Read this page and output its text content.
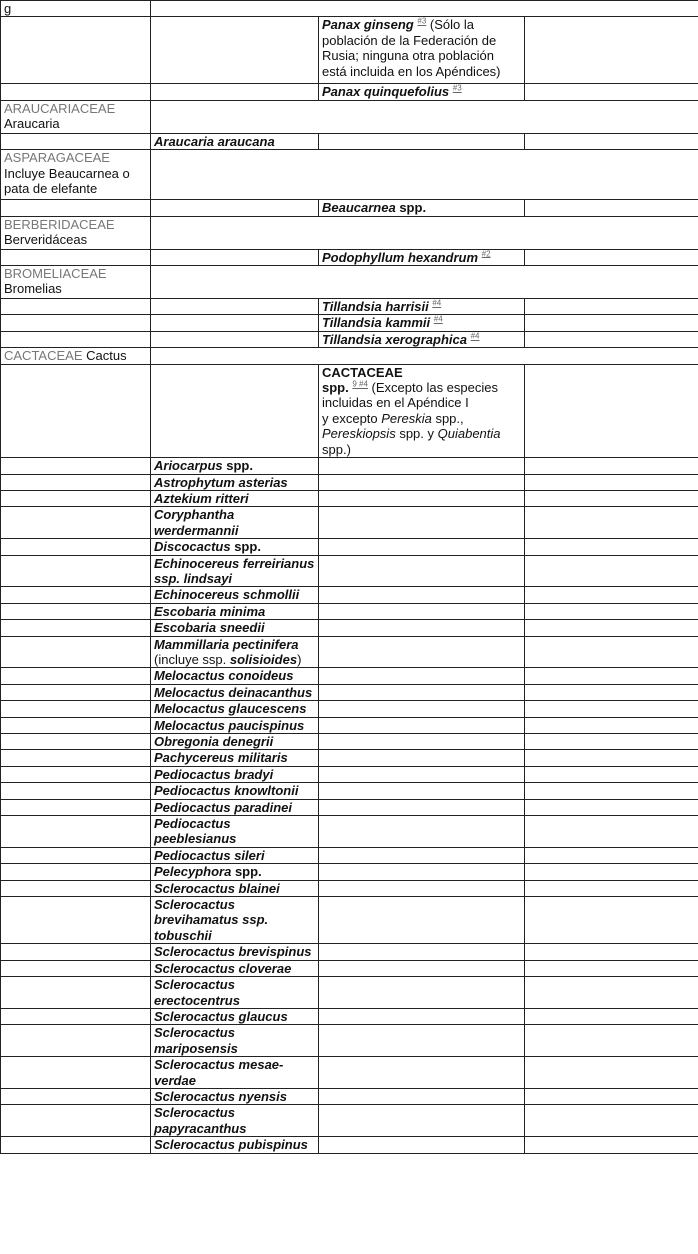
g			
		Panax ginseng $^{\#3}$ (Sólo la población de la Federación de Rusia; ninguna otra población está incluida en los Apéndices)	
		Panax quinquefolius $^{\#3}$	
ARAUCARIACEAE Araucaria			
	Araucaria araucana		
ASPARAGACEAE Incluye Beaucarnea o pata de elefante			
		Beaucarnea spp.	
BERBERIDACEAE Berveridáceas			
		Podophyllum hexandrum $^{\#2}$	
BROMELIACEAE Bromelias			
		Tillandsia harrisii $^{\#4}$	
		Tillandsia kammii $^{\#4}$	
		Tillandsia xerographica $^{\#4}$	
CACTACEAE Cactus			
		CACTACEAE
spp. $^{9 \#4}$ (Excepto las especies incluidas en el Apéndice I
y excepto Pereskia spp., Pereskiopsis spp. y Quiabentia spp.)	
	Ariocarpus spp.		
	Astrophytum asterias		
	Aztekium ritteri		
	Coryphantha werdermannii		
	Discocactus spp.		
	Echinocereus ferreirianus ssp. lindsayi		
	Echinocereus schmollii		
	Escobaria minima		
	Escobaria sneedii		
	Mammillaria pectinifera (incluye ssp. solisioides)		
	Melocactus conoideus		
	Melocactus deinacanthus		
	Melocactus glaucescens		
	Melocactus paucispinus		
	Obregonia denegrii		
	Pachycereus militaris		
	Pediocactus bradyi		
	Pediocactus knowltonii		
	Pediocactus paradinei		
	Pediocactus peeblesianus		
	Pediocactus sileri		
	Pelecyphora spp.		
	Sclerocactus blainei		
	Sclerocactus brevihamatus ssp. tobuschii		
	Sclerocactus brevispinus		
	Sclerocactus cloverae		
	Sclerocactus erectocentrus		
	Sclerocactus glaucus		
	Sclerocactus mariposensis		
	Sclerocactus mesae-verdae		
	Sclerocactus nyensis		
	Sclerocactus papyracanthus		
	Sclerocactus pubispinus		
